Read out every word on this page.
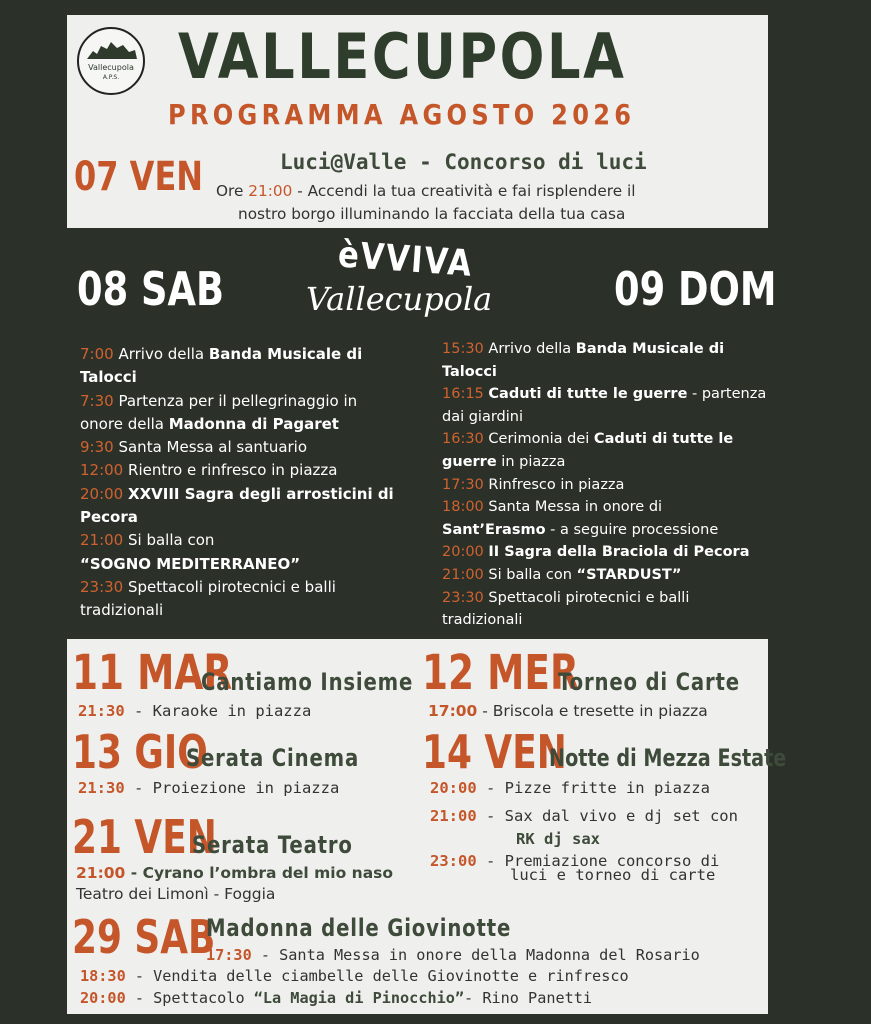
Vallecupola
A.P.S. VALLECUPOLA
PROGRAMMA AGOSTO 2026
07 VEN	Luci@Valle - Concorso di luci
Ore 21:00 - Accendi la tua creatività e fai risplendere il
nostro borgo illuminando la facciata della tua casa
08 SAB	09 DOM
èVVIVA
Vallecupola
7:00 Arrivo della Banda Musicale di
Talocci
7:30 Partenza per il pellegrinaggio in
onore della Madonna di Pagaret
9:30 Santa Messa al santuario
12:00 Rientro e rinfresco in piazza
20:00 XXVIII Sagra degli arrosticini di
Pecora
21:00 Si balla con
“SOGNO MEDITERRANEO”
23:30 Spettacoli pirotecnici e balli
tradizionali
15:30 Arrivo della Banda Musicale di
Talocci
16:15 Caduti di tutte le guerre - partenza
dai giardini
16:30 Cerimonia dei Caduti di tutte le
guerre in piazza
17:30 Rinfresco in piazza
18:00 Santa Messa in onore di
Sant’Erasmo - a seguire processione
20:00 II Sagra della Braciola di Pecora
21:00 Si balla con “STARDUST”
23:30 Spettacoli pirotecnici e balli
tradizionali
11 MAR
Cantiamo Insieme
21:30 - Karaoke in piazza
12 MER
Torneo di Carte
17:00 - Briscola e tresette in piazza
13 GIO
Serata Cinema
21:30 - Proiezione in piazza
14 VEN
Notte di Mezza Estate
20:00 - Pizze fritte in piazza
21:00 - Sax dal vivo e dj set con
RK dj sax
23:00 - Premiazione concorso di
luci e torneo di carte
21 VEN
Serata Teatro
21:00 - Cyrano l’ombra del mio naso
Teatro dei Limonì - Foggia
29 SAB
Madonna delle Giovinotte
17:30 - Santa Messa in onore della Madonna del Rosario
18:30 - Vendita delle ciambelle delle Giovinotte e rinfresco
20:00 - Spettacolo “La Magia di Pinocchio”- Rino Panetti
